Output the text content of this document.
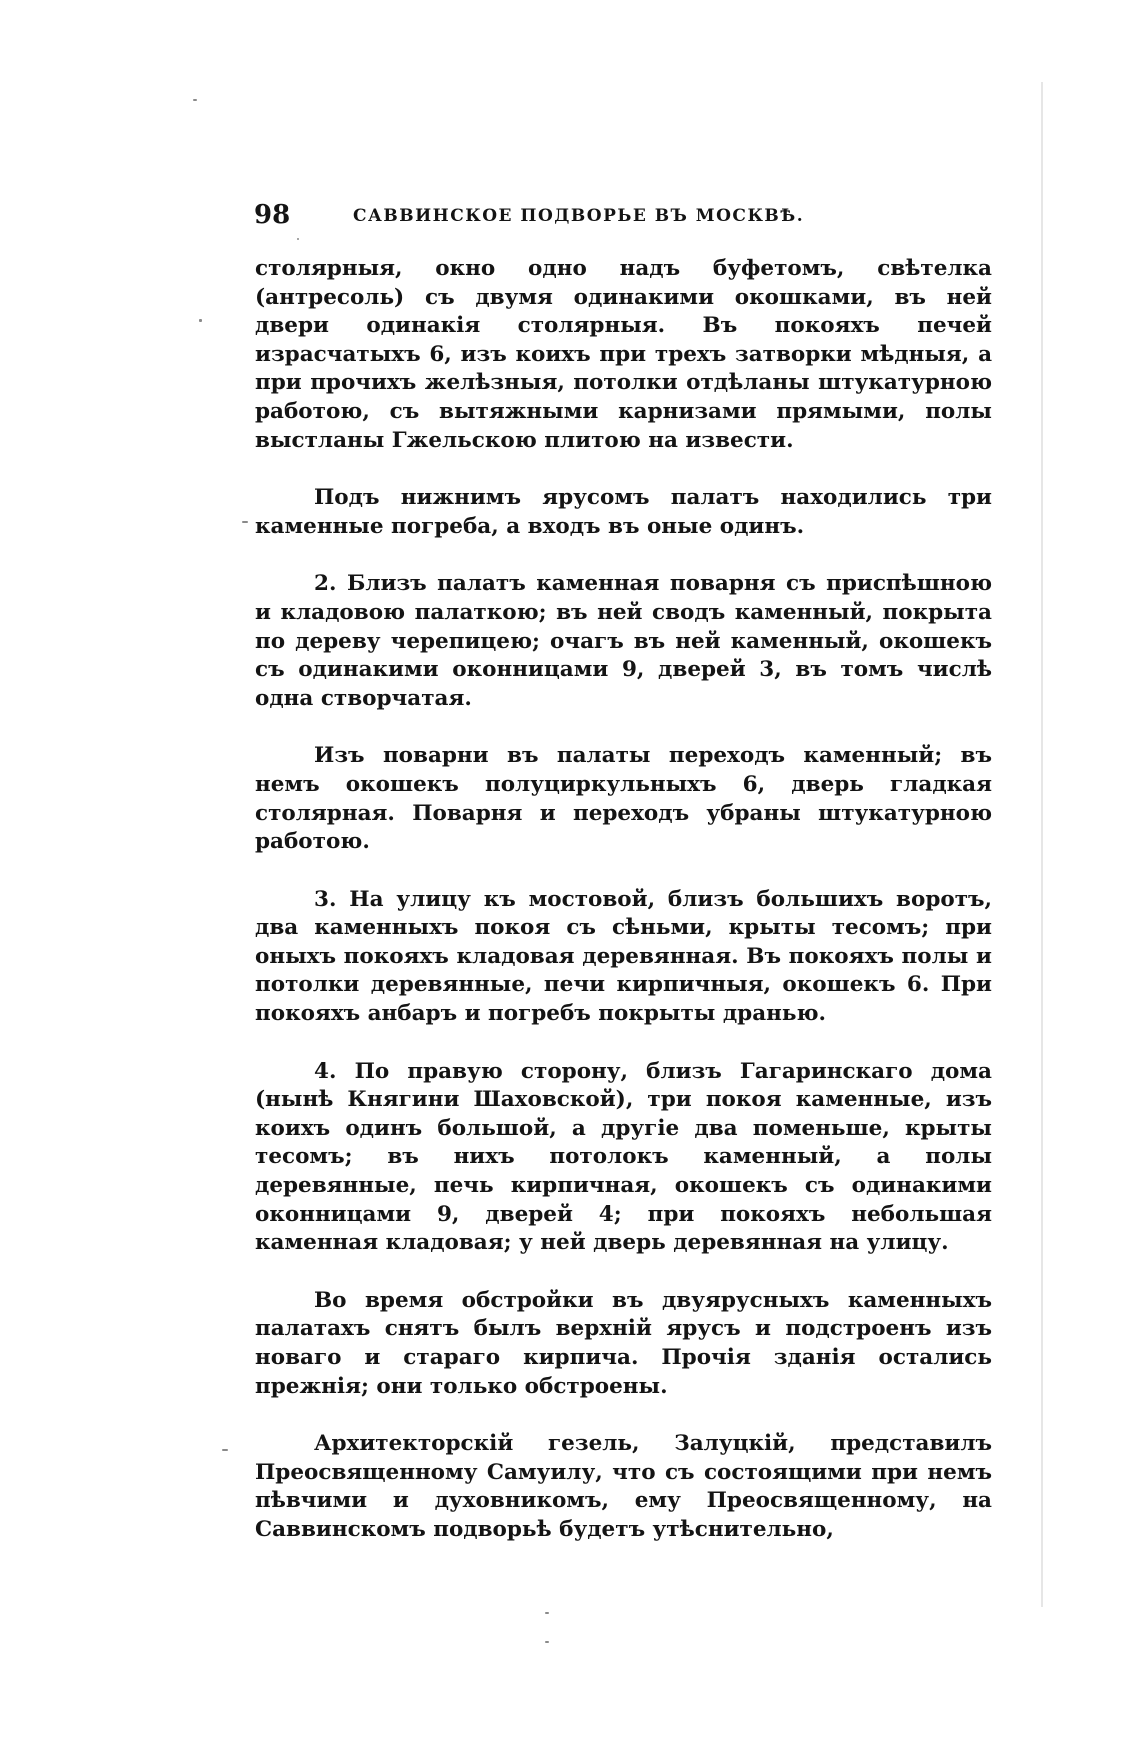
98	САВВИНСКОЕ ПОДВОРЬЕ ВЪ МОСКВѢ.

столярныя, окно одно надъ буфетомъ, свѣтелка (антресоль) съ двумя одинакими окошками, въ ней двери одинакія столярныя. Въ покояхъ печей израсчатыхъ 6, изъ коихъ при трехъ затворки мѣдныя, а при прочихъ желѣзныя, потолки отдѣланы штукатурною работою, съ вытяжными карнизами прямыми, полы выстланы Гжельскою плитою на извести.

Подъ нижнимъ ярусомъ палатъ находились три каменные погреба, а входъ въ оные одинъ.

2. Близъ палатъ каменная поварня съ приспѣшною и кладовою палаткою; въ ней сводъ каменный, покрыта по дереву черепицею; очагъ въ ней каменный, окошекъ съ одинакими оконницами 9, дверей 3, въ томъ числѣ одна створчатая.

Изъ поварни въ палаты переходъ каменный; въ немъ окошекъ полуциркульныхъ 6, дверь гладкая столярная. Поварня и переходъ убраны штукатурною работою.

3. На улицу къ мостовой, близъ большихъ воротъ, два каменныхъ покоя съ сѣньми, крыты тесомъ; при оныхъ покояхъ кладовая деревянная. Въ покояхъ полы и потолки деревянные, печи кирпичныя, окошекъ 6. При покояхъ анбаръ и погребъ покрыты дранью.

4. По правую сторону, близъ Гагаринскаго дома (нынѣ Княгини Шаховской), три покоя каменные, изъ коихъ одинъ большой, а другіе два поменьше, крыты тесомъ; въ нихъ потолокъ каменный, а полы деревянные, печь кирпичная, окошекъ съ одинакими оконницами 9, дверей 4; при покояхъ небольшая каменная кладовая; у ней дверь деревянная на улицу.

Во время обстройки въ двуярусныхъ каменныхъ палатахъ снятъ былъ верхній ярусъ и подстроенъ изъ новаго и стараго кирпича. Прочія зданія остались прежнія; они только обстроены.

Архитекторскій гезель, Залуцкій, представилъ Преосвященному Самуилу, что съ состоящими при немъ пѣвчими и духовникомъ, ему Преосвященному, на Саввинскомъ подворьѣ будетъ утѣснительно,
